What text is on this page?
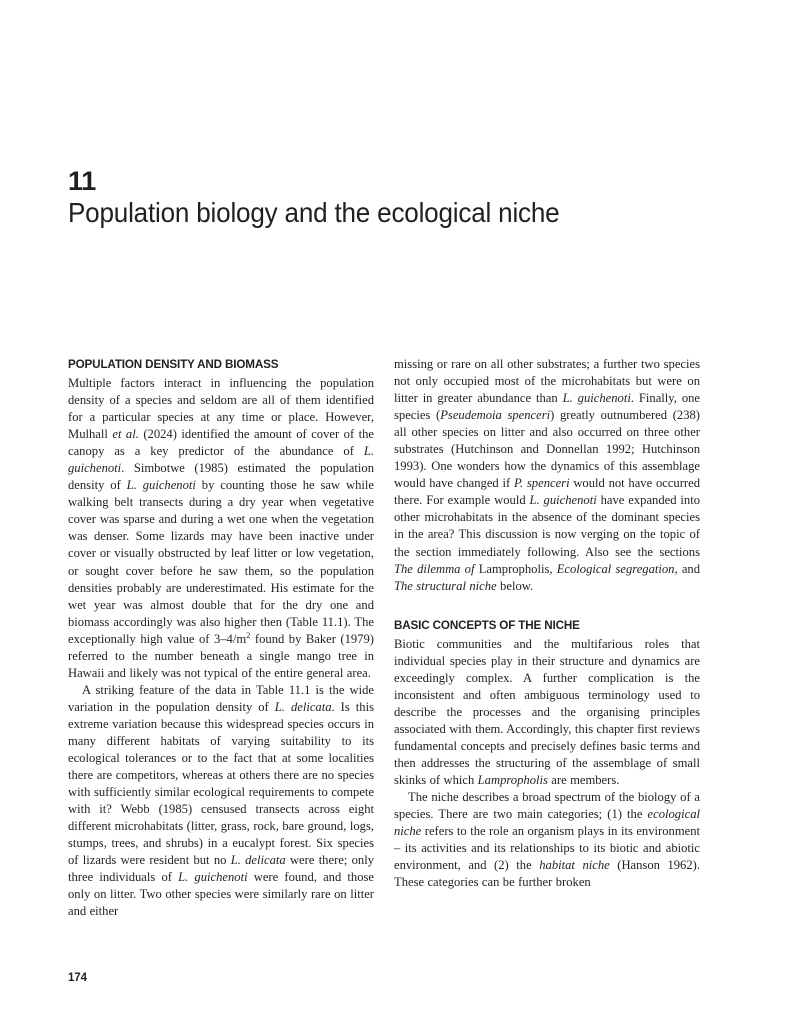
11
Population biology and the ecological niche
POPULATION DENSITY AND BIOMASS

Multiple factors interact in influencing the population density of a species and seldom are all of them identified for a particular species at any time or place. However, Mulhall et al. (2024) identified the amount of cover of the canopy as a key predictor of the abundance of L. guichenoti. Simbotwe (1985) estimated the population density of L. guichenoti by counting those he saw while walking belt transects during a dry year when vegetative cover was sparse and during a wet one when the vegetation was denser. Some lizards may have been inactive under cover or visually obstructed by leaf litter or low vegetation, or sought cover before he saw them, so the population densities probably are underestimated. His estimate for the wet year was almost double that for the dry one and biomass accordingly was also higher then (Table 11.1). The exceptionally high value of $3-4/m^2$ found by Baker (1979) referred to the number beneath a single mango tree in Hawaii and likely was not typical of the entire general area.

A striking feature of the data in Table 11.1 is the wide variation in the population density of L. delicata. Is this extreme variation because this widespread species occurs in many different habitats of varying suitability to its ecological tolerances or to the fact that at some localities there are competitors, whereas at others there are no species with sufficiently similar ecological requirements to compete with it? Webb (1985) censused transects across eight different microhabitats (litter, grass, rock, bare ground, logs, stumps, trees, and shrubs) in a eucalypt forest. Six species of lizards were resident but no L. delicata were there; only three individuals of L. guichenoti were found, and those only on litter. Two other species were similarly rare on litter and either

missing or rare on all other substrates; a further two species not only occupied most of the microhabitats but were on litter in greater abundance than L. guichenoti. Finally, one species (Pseudemoia spenceri) greatly outnumbered (238) all other species on litter and also occurred on three other substrates (Hutchinson and Donnellan 1992; Hutchinson 1993). One wonders how the dynamics of this assemblage would have changed if P. spenceri would not have occurred there. For example would L. guichenoti have expanded into other microhabitats in the absence of the dominant species in the area? This discussion is now verging on the topic of the section immediately following. Also see the sections The dilemma of Lampropholis, Ecological segregation, and The structural niche below.

BASIC CONCEPTS OF THE NICHE

Biotic communities and the multifarious roles that individual species play in their structure and dynamics are exceedingly complex. A further complication is the inconsistent and often ambiguous terminology used to describe the processes and the organising principles associated with them. Accordingly, this chapter first reviews fundamental concepts and precisely defines basic terms and then addresses the structuring of the assemblage of small skinks of which Lampropholis are members.

The niche describes a broad spectrum of the biology of a species. There are two main categories; (1) the ecological niche refers to the role an organism plays in its environment – its activities and its relationships to its biotic and abiotic environment, and (2) the habitat niche (Hanson 1962). These categories can be further broken

174
